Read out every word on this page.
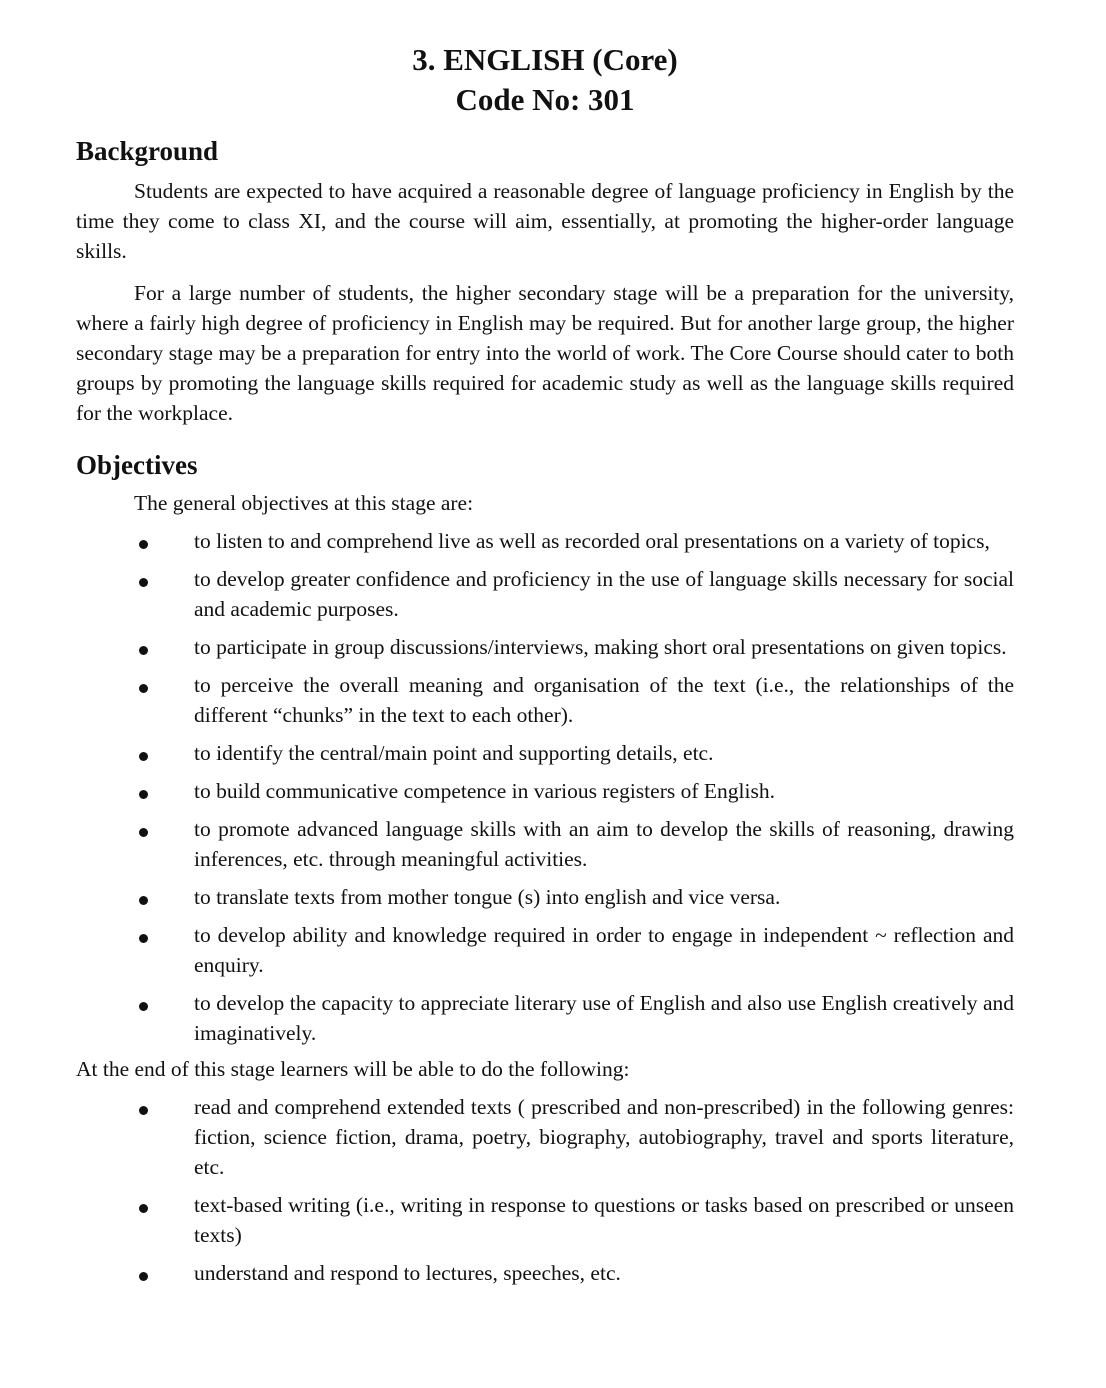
3. ENGLISH (Core)
Code No: 301
Background

Students are expected to have acquired a reasonable degree of language proficiency in English by the time they come to class XI, and the course will aim, essentially, at promoting the higher-order language skills.

For a large number of students, the higher secondary stage will be a preparation for the university, where a fairly high degree of proficiency in English may be required. But for another large group, the higher secondary stage may be a preparation for entry into the world of work. The Core Course should cater to both groups by promoting the language skills required for academic study as well as the language skills required for the workplace.

Objectives

The general objectives at this stage are:

to listen to and comprehend live as well as recorded oral presentations on a variety of topics,
to develop greater confidence and proficiency in the use of language skills necessary for social and academic purposes.
to participate in group discussions/interviews, making short oral presentations on given topics.
to perceive the overall meaning and organisation of the text (i.e., the relationships of the different “chunks” in the text to each other).
to identify the central/main point and supporting details, etc.
to build communicative competence in various registers of English.
to promote advanced language skills with an aim to develop the skills of reasoning, drawing inferences, etc. through meaningful activities.
to translate texts from mother tongue (s) into english and vice versa.
to develop ability and knowledge required in order to engage in independent ~ reflection and enquiry.
to develop the capacity to appreciate literary use of English and also use English creatively and imaginatively.

At the end of this stage learners will be able to do the following:

read and comprehend extended texts ( prescribed and non-prescribed) in the following genres: fiction, science fiction, drama, poetry, biography, autobiography, travel and sports literature, etc.
text-based writing (i.e., writing in response to questions or tasks based on prescribed or unseen texts)
understand and respond to lectures, speeches, etc.
